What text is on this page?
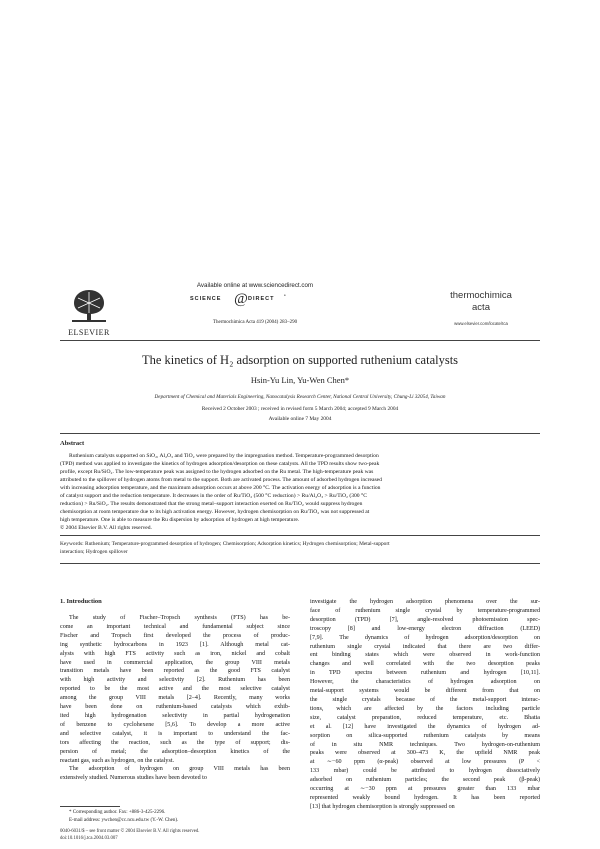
ELSEVIER
Available online at www.sciencedirect.com
SCIENCE @ DIRECT •
Thermochimica Acta 419 (2004) 283–290
thermochimica
acta
www.elsevier.com/locate/tca
The kinetics of H₂ adsorption on supported ruthenium catalysts
Hsin-Yu Lin, Yu-Wen Chen*
Department of Chemical and Materials Engineering, Nanocatalysis Research Center, National Central University, Chung-Li 32054, Taiwan
Received 2 October 2003 ; received in revised form 5 March 2004; accepted 9 March 2004
Available online 7 May 2004
Abstract
Ruthenium catalysts supported on SiO₂, Al₂O₃ and TiO₂ were prepared by the impregnation method. Temperature-programmed desorption
(TPD) method was applied to investigate the kinetics of hydrogen adsorption/desorption on these catalysts. All the TPD results show two-peak
profile, except Ru/SiO₂. The low-temperature peak was assigned to the hydrogen adsorbed on the Ru metal. The high-temperature peak was
attributed to the spillover of hydrogen atoms from metal to the support. Both are activated process. The amount of adsorbed hydrogen increased
with increasing adsorption temperature, and the maximum adsorption occurs at above 200 °C. The activation energy of adsorption is a function
of catalyst support and the reduction temperature. It decreases in the order of Ru/TiO₂ (500 °C reduction) > Ru/Al₂O₃ > Ru/TiO₂ (300 °C
reduction) > Ru/SiO₂. The results demonstrated that the strong metal–support interaction exerted on Ru/TiO₂ would suppress hydrogen
chemisorption at room temperature due to its high activation energy. However, hydrogen chemisorption on Ru/TiO₂ was not suppressed at
high temperature. One is able to measure the Ru dispersion by adsorption of hydrogen at high temperature.
© 2004 Elsevier B.V. All rights reserved.
Keywords: Ruthenium; Temperature-programmed desorption of hydrogen; Chemisorption; Adsorption kinetics; Hydrogen chemisorption; Metal-support
interaction; Hydrogen spillover
1. Introduction
The study of Fischer–Tropsch synthesis (FTS) has be-
come an important technical and fundamental subject since
Fischer and Tropsch first developed the process of produc-
ing synthetic hydrocarbons in 1923 [1]. Although metal cat-
alysts with high FTS activity such as iron, nickel and cobalt
have used in commercial application, the group VIII metals
transition metals have been reported as the good FTS catalyst
with high activity and selectivity [2]. Ruthenium has been
reported to be the most active and the most selective catalyst
among the group VIII metals [2–4]. Recently, many works
have been done on ruthenium-based catalysts which exhib-
ited high hydrogenation selectivity in partial hydrogenation
of benzene to cyclohexene [5,6]. To develop a more active
and selective catalyst, it is important to understand the fac-
tors affecting the reaction, such as the type of support; dis-
persion of metal; the adsorption–desorption kinetics of the
reactant gas, such as hydrogen, on the catalyst.
The adsorption of hydrogen on group VIII metals has been
extensively studied. Numerous studies have been devoted to
* Corresponding author. Fax: +886-3-425-2296.
E-mail address: ywchen@cc.ncu.edu.tw (Y.-W. Chen).
investigate the hydrogen adsorption phenomena over the sur-
face of ruthenium single crystal by temperature-programmed
desorption (TPD) [7], angle-resolved photoemission spec-
troscopy [8] and low-energy electron diffraction (LEED)
[7,9]. The dynamics of hydrogen adsorption/desorption on
ruthenium single crystal indicated that there are two differ-
ent binding states which were observed in work-function
changes and well correlated with the two desorption peaks
in TPD spectra between ruthenium and hydrogen [10,11].
However, the characteristics of hydrogen adsorption on
metal-support systems would be different from that on
the single crystals because of the metal-support interac-
tions, which are affected by the factors including particle
size, catalyst preparation, reduced temperature, etc. Bhatia
et al. [12] have investigated the dynamics of hydrogen ad-
sorption on silica-supported ruthenium catalysts by means
of in situ NMR techniques. Two hydrogen-on-ruthenium
peaks were observed at 300–473 K, the upfield NMR peak
at ∼−60 ppm (α-peak) observed at low pressures (P <
133 mbar) could be attributed to hydrogen dissociatively
adsorbed on ruthenium particles; the second peak (β-peak)
occurring at ∼−30 ppm at pressures greater than 133 mbar
represented weakly bound hydrogen. It has been reported
[13] that hydrogen chemisorption is strongly suppressed on
0040-6031/$ – see front matter © 2004 Elsevier B.V. All rights reserved.
doi:10.1016/j.tca.2004.03.007
